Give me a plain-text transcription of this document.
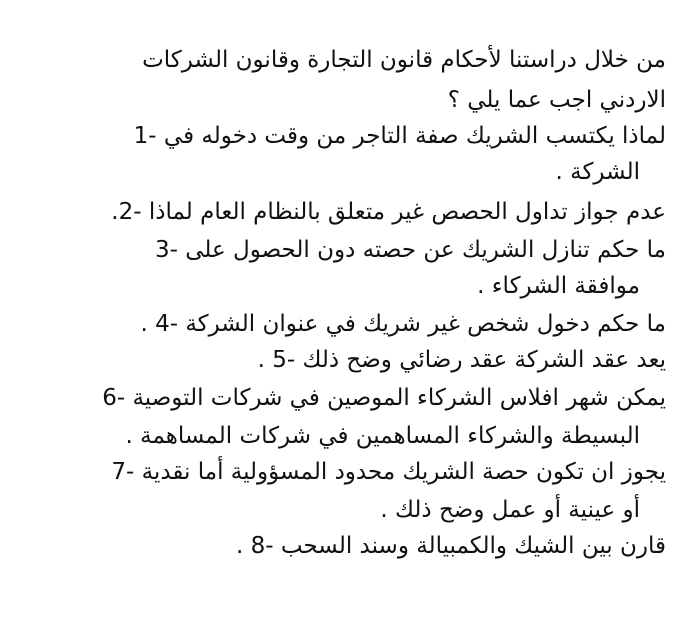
من خلال دراستنا لأحكام قانون التجارة وقانون الشركات
الاردني اجب عما يلي ؟
لماذا يكتسب الشريك صفة التاجر من وقت دخوله في -1
الشركة .
عدم جواز تداول الحصص غير متعلق بالنظام العام لماذا -2.
ما حكم تنازل الشريك عن حصته دون الحصول على -3
موافقة الشركاء .
ما حكم دخول شخص غير شريك في عنوان الشركة -4 .
يعد عقد الشركة عقد رضائي وضح ذلك -5 .
يمكن شهر افلاس الشركاء الموصين في شركات التوصية -6
البسيطة والشركاء المساهمين في شركات المساهمة .
يجوز ان تكون حصة الشريك محدود المسؤولية أما نقدية -7
أو عينية أو عمل وضح ذلك .
قارن بين الشيك والكمبيالة وسند السحب -8 .
